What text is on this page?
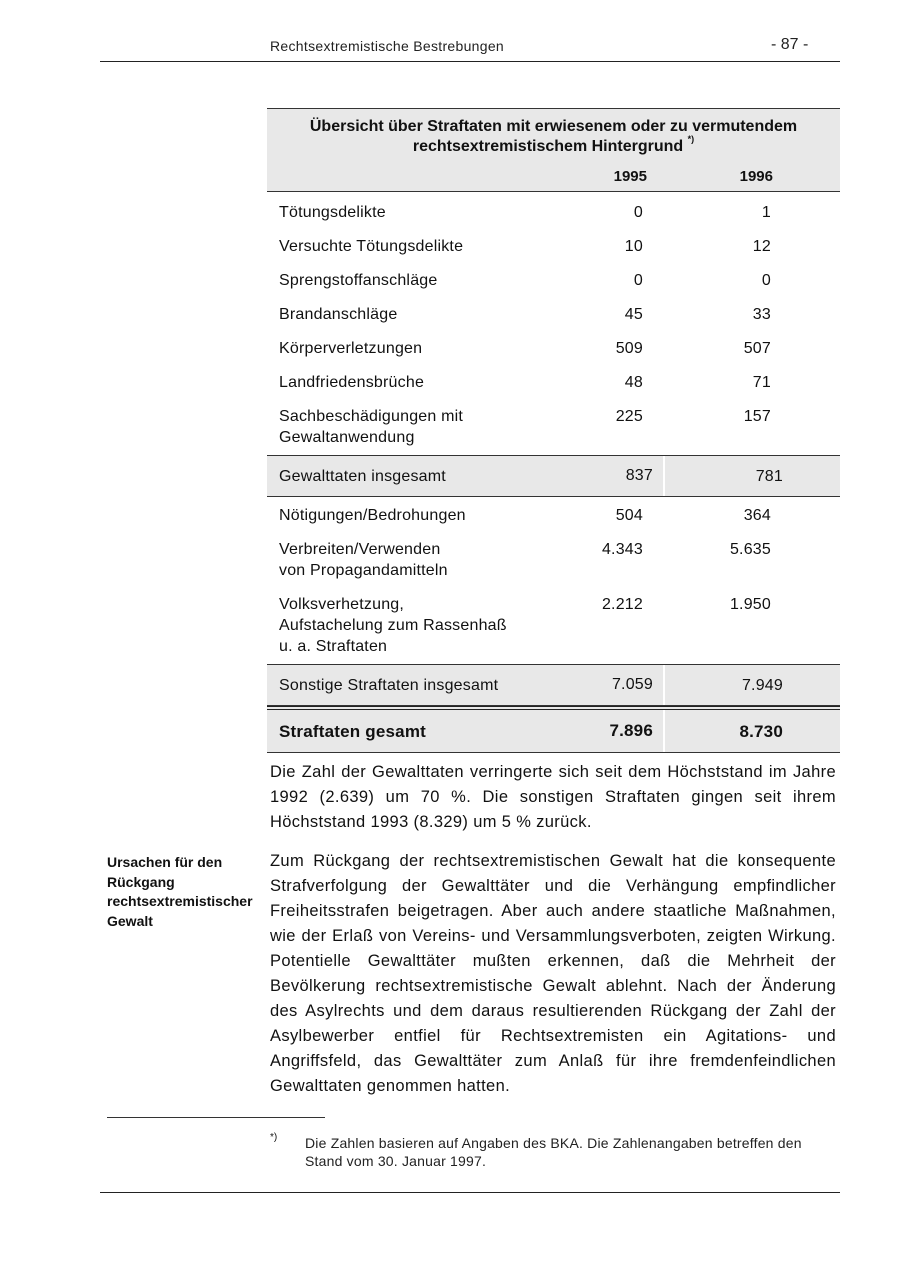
Rechtsextremistische Bestrebungen	- 87 -
Übersicht über Straftaten mit erwiesenem oder zu vermutendem rechtsextremistischem Hintergrund *)
1995	1996
Tötungsdelikte	0	1
Versuchte Tötungsdelikte	10	12
Sprengstoffanschläge	0	0
Brandanschläge	45	33
Körperverletzungen	509	507
Landfriedensbrüche	48	71
Sachbeschädigungen mit
Gewaltanwendung
225	157
Gewalttaten insgesamt	837	781
Nötigungen/Bedrohungen	504	364
Verbreiten/Verwenden
von Propagandamitteln
4.343	5.635
Volksverhetzung,
Aufstachelung zum Rassenhaß
u. a. Straftaten
2.212	1.950
Sonstige Straftaten insgesamt	7.059	7.949
Straftaten gesamt	7.896	8.730
Die Zahl der Gewalttaten verringerte sich seit dem Höchststand im Jahre 1992 (2.639) um 70 %. Die sonstigen Straftaten gingen seit ihrem Höchststand 1993 (8.329) um 5 % zurück.
Ursachen für den Rückgang rechtsextremistischer Gewalt
Zum Rückgang der rechtsextremistischen Gewalt hat die konsequente Strafverfolgung der Gewalttäter und die Verhängung empfindlicher Freiheitsstrafen beigetragen. Aber auch andere staatliche Maßnahmen, wie der Erlaß von Vereins- und Versammlungsverboten, zeigten Wirkung. Potentielle Gewalttäter mußten erkennen, daß die Mehrheit der Bevölkerung rechtsextremistische Gewalt ablehnt. Nach der Änderung des Asylrechts und dem daraus resultierenden Rückgang der Zahl der Asylbewerber entfiel für Rechtsextremisten ein Agitations- und Angriffsfeld, das Gewalttäter zum Anlaß für ihre fremdenfeindlichen Gewalttaten genommen hatten.
*) Die Zahlen basieren auf Angaben des BKA. Die Zahlenangaben betreffen den Stand vom 30. Januar 1997.
